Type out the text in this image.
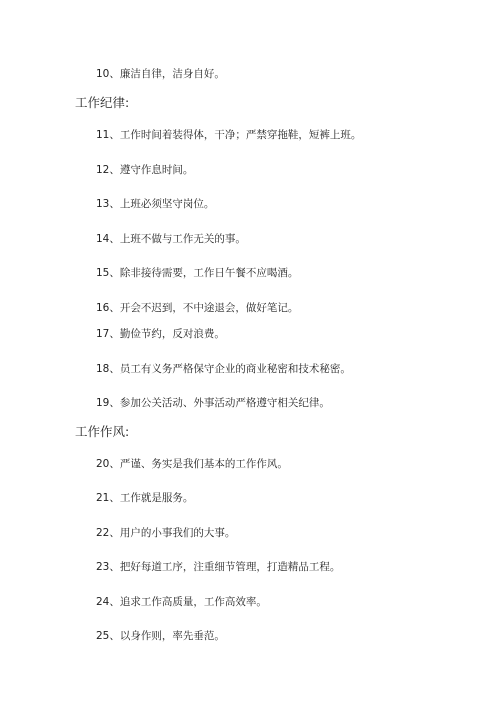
10、廉洁自律，洁身自好。
工作纪律:
11、工作时间着装得体，干净；严禁穿拖鞋，短裤上班。
12、遵守作息时间。
13、上班必须坚守岗位。
14、上班不做与工作无关的事。
15、除非接待需要，工作日午餐不应喝酒。
16、开会不迟到，不中途退会，做好笔记。
17、勤俭节约，反对浪费。
18、员工有义务严格保守企业的商业秘密和技术秘密。
19、参加公关活动、外事活动严格遵守相关纪律。
工作作风:
20、严谨、务实是我们基本的工作作风。
21、工作就是服务。
22、用户的小事我们的大事。
23、把好每道工序，注重细节管理，打造精品工程。
24、追求工作高质量，工作高效率。
25、以身作则，率先垂范。
